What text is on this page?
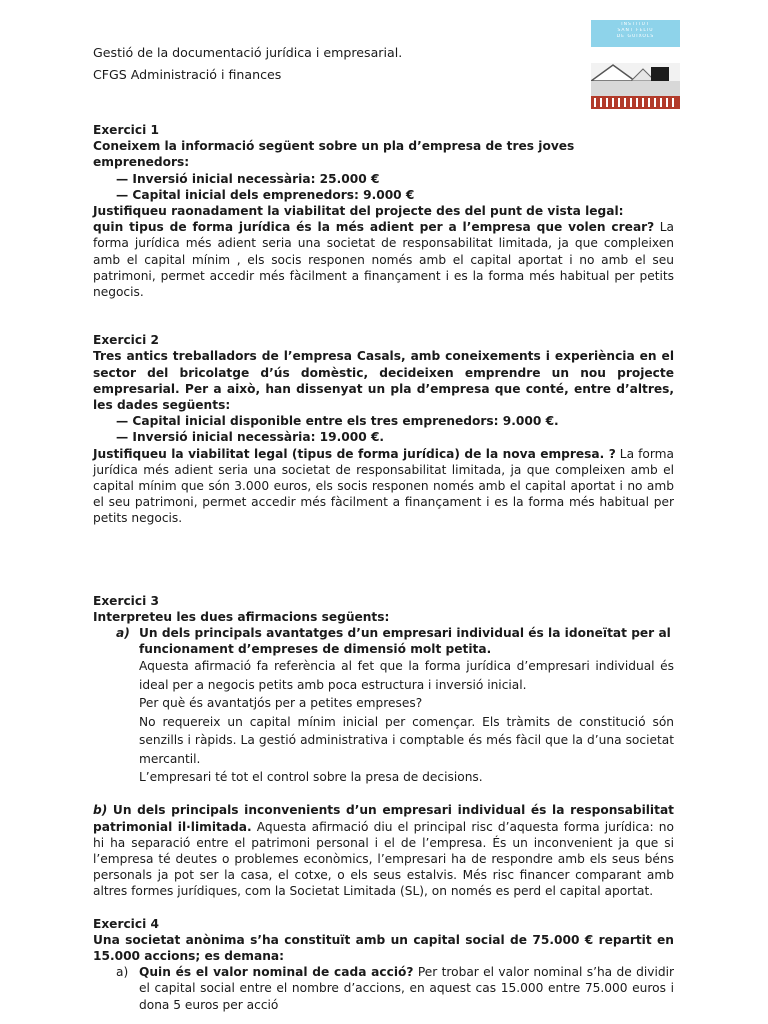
Gestió de la documentació jurídica i empresarial.
CFGS Administració i finances
INSTITUT
SANT FELIU
DE GUÍXOLS

Exercici 1

Coneixem la informació següent sobre un pla d’empresa de tres joves emprenedors:

— Inversió inicial necessària: 25.000 €

— Capital inicial dels emprenedors: 9.000 €

Justifiqueu raonadament la viabilitat del projecte des del punt de vista legal:

quin tipus de forma jurídica és la més adient per a l’empresa que volen crear? La forma jurídica més adient seria una societat de responsabilitat limitada, ja que compleixen amb el capital mínim , els socis responen només amb el capital aportat i no amb el seu patrimoni, permet accedir més fàcilment a finançament i es la forma més habitual per petits negocis.

Exercici 2

Tres antics treballadors de l’empresa Casals, amb coneixements i experiència en el sector del bricolatge d’ús domèstic, decideixen emprendre un nou projecte empresarial. Per a això, han dissenyat un pla d’empresa que conté, entre d’altres, les dades següents:

— Capital inicial disponible entre els tres emprenedors: 9.000 €.

— Inversió inicial necessària: 19.000 €.

Justifiqueu la viabilitat legal (tipus de forma jurídica) de la nova empresa. ? La forma jurídica més adient seria una societat de responsabilitat limitada, ja que compleixen amb el capital mínim que són 3.000 euros, els socis responen només amb el capital aportat i no amb el seu patrimoni, permet accedir més fàcilment a finançament i es la forma més habitual per petits negocis.

Exercici 3

Interpreteu les dues afirmacions següents:

a) Un dels principals avantatges d’un empresari individual és la idoneïtat per al funcionament d’empreses de dimensió molt petita.

Aquesta afirmació fa referència al fet que la forma jurídica d’empresari individual és ideal per a negocis petits amb poca estructura i inversió inicial.

Per què és avantatjós per a petites empreses?

No requereix un capital mínim inicial per començar. Els tràmits de constitució són senzills i ràpids. La gestió administrativa i comptable és més fàcil que la d’una societat mercantil.

L’empresari té tot el control sobre la presa de decisions.

b) Un dels principals inconvenients d’un empresari individual és la responsabilitat patrimonial il·limitada. Aquesta afirmació diu el principal risc d’aquesta forma jurídica: no hi ha separació entre el patrimoni personal i el de l’empresa. És un inconvenient ja que si l’empresa té deutes o problemes econòmics, l’empresari ha de respondre amb els seus béns personals ja pot ser la casa, el cotxe, o els seus estalvis. Més risc financer comparant amb altres formes jurídiques, com la Societat Limitada (SL), on només es perd el capital aportat.

Exercici 4

Una societat anònima s’ha constituït amb un capital social de 75.000 € repartit en 15.000 accions; es demana:

a) Quin és el valor nominal de cada acció? Per trobar el valor nominal s’ha de dividir el capital social entre el nombre d’accions, en aquest cas 15.000 entre 75.000 euros i dona 5 euros per acció
